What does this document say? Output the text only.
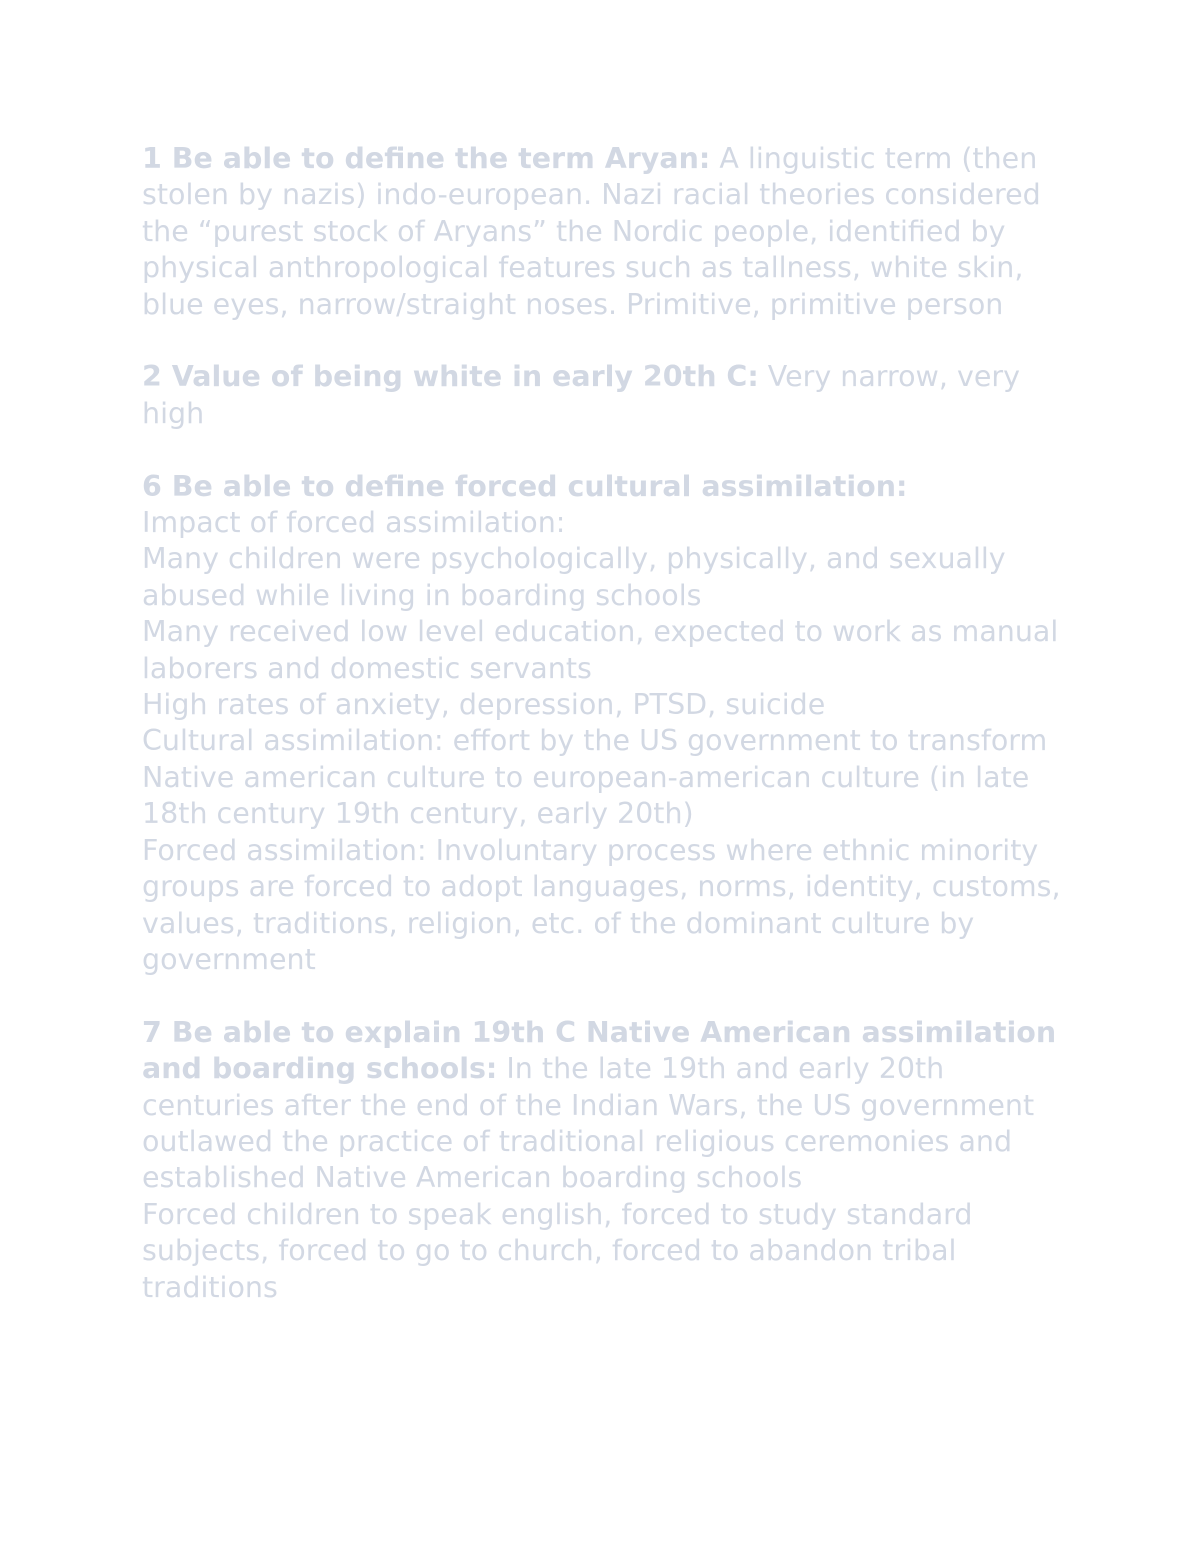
1 Be able to define the term Aryan: A linguistic term (then stolen by nazis) indo-european. Nazi racial theories considered the “purest stock of Aryans” the Nordic people, identified by physical anthropological features such as tallness, white skin, blue eyes, narrow/straight noses. Primitive, primitive person
2 Value of being white in early 20th C: Very narrow, very high
6 Be able to define forced cultural assimilation:
Impact of forced assimilation:
Many children were psychologically, physically, and sexually abused while living in boarding schools
Many received low level education, expected to work as manual laborers and domestic servants
High rates of anxiety, depression, PTSD, suicide
Cultural assimilation: effort by the US government to transform Native american culture to european-american culture (in late 18th century 19th century, early 20th)
Forced assimilation: Involuntary process where ethnic minority groups are forced to adopt languages, norms, identity, customs, values, traditions, religion, etc. of the dominant culture by government
7 Be able to explain 19th C Native American assimilation and boarding schools: In the late 19th and early 20th centuries after the end of the Indian Wars, the US government outlawed the practice of traditional religious ceremonies and established Native American boarding schools
Forced children to speak english, forced to study standard subjects, forced to go to church, forced to abandon tribal traditions
